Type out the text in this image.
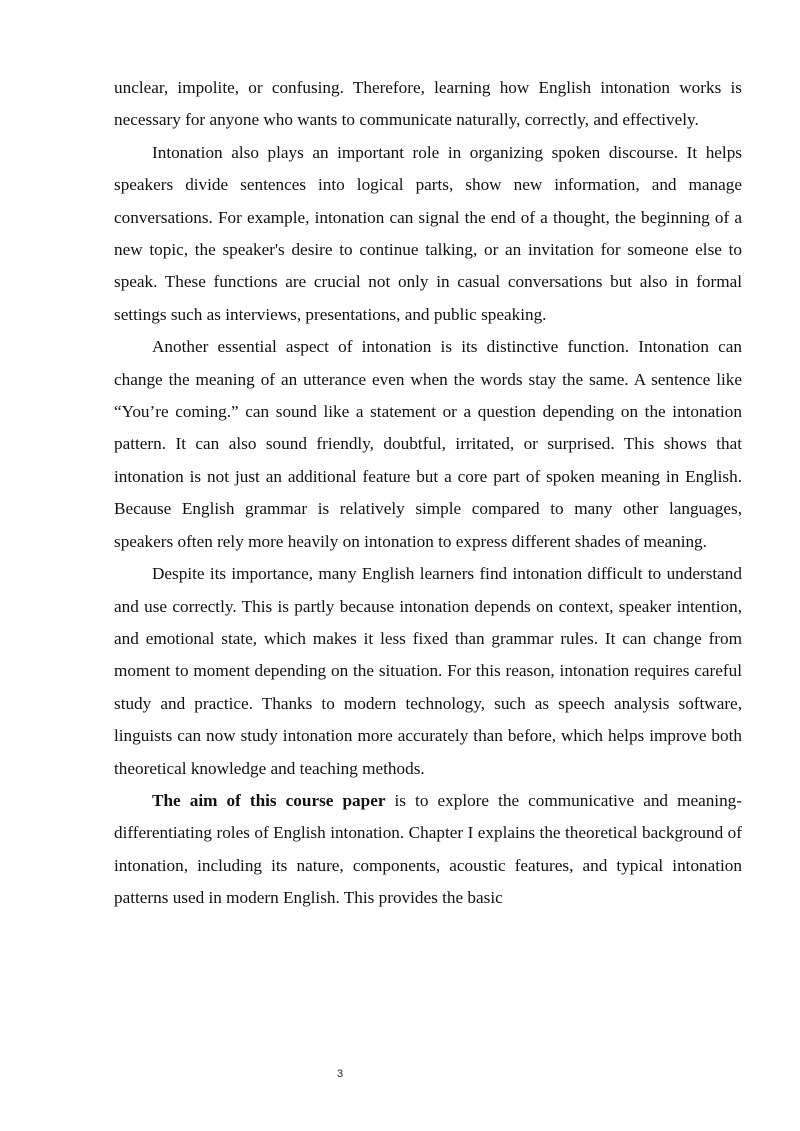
unclear, impolite, or confusing. Therefore, learning how English intonation works is necessary for anyone who wants to communicate naturally, correctly, and effectively.

Intonation also plays an important role in organizing spoken discourse. It helps speakers divide sentences into logical parts, show new information, and manage conversations. For example, intonation can signal the end of a thought, the beginning of a new topic, the speaker's desire to continue talking, or an invitation for someone else to speak. These functions are crucial not only in casual conversations but also in formal settings such as interviews, presentations, and public speaking.

Another essential aspect of intonation is its distinctive function. Intonation can change the meaning of an utterance even when the words stay the same. A sentence like “You’re coming.” can sound like a statement or a question depending on the intonation pattern. It can also sound friendly, doubtful, irritated, or surprised. This shows that intonation is not just an additional feature but a core part of spoken meaning in English. Because English grammar is relatively simple compared to many other languages, speakers often rely more heavily on intonation to express different shades of meaning.

Despite its importance, many English learners find intonation difficult to understand and use correctly. This is partly because intonation depends on context, speaker intention, and emotional state, which makes it less fixed than grammar rules. It can change from moment to moment depending on the situation. For this reason, intonation requires careful study and practice. Thanks to modern technology, such as speech analysis software, linguists can now study intonation more accurately than before, which helps improve both theoretical knowledge and teaching methods.

The aim of this course paper is to explore the communicative and meaning-differentiating roles of English intonation. Chapter I explains the theoretical background of intonation, including its nature, components, acoustic features, and typical intonation patterns used in modern English. This provides the basic

3
